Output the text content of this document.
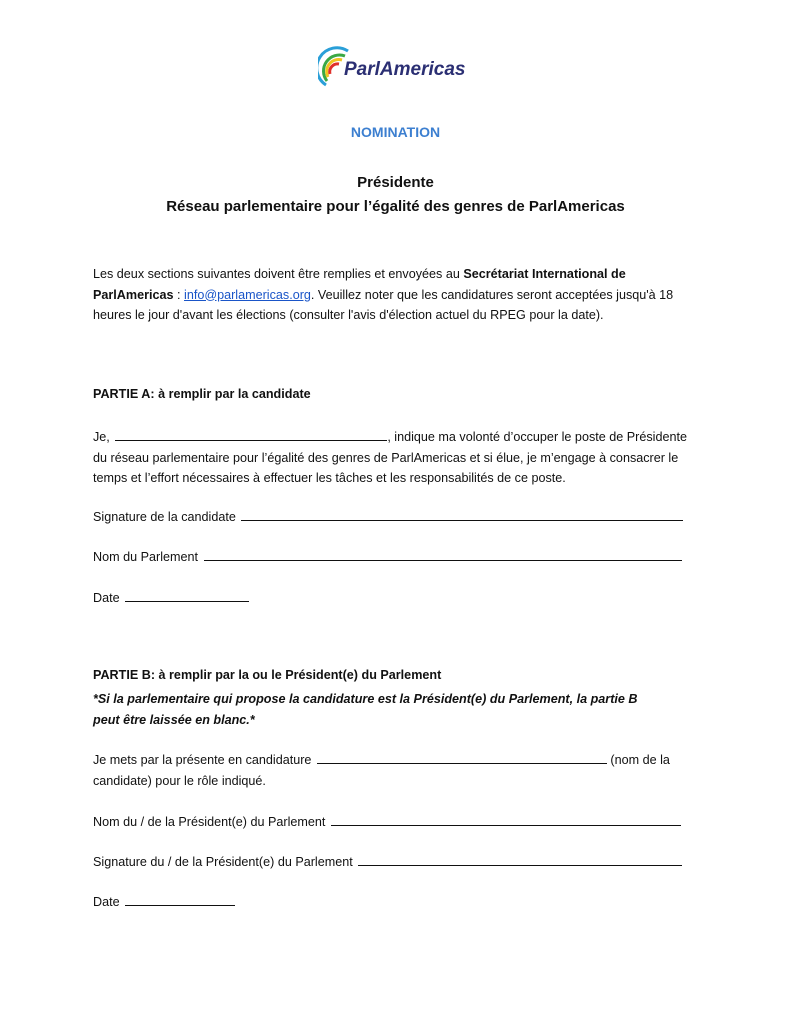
ParlAmericas
NOMINATION
Présidente
Réseau parlementaire pour l’égalité des genres de ParlAmericas
Les deux sections suivantes doivent être remplies et envoyées au Secrétariat International de
ParlAmericas : info@parlamericas.org. Veuillez noter que les candidatures seront acceptées jusqu'à 18
heures le jour d'avant les élections (consulter l'avis d'élection actuel du RPEG pour la date).
PARTIE A: à remplir par la candidate
Je,	, indique ma volonté d’occuper le poste de Présidente
du réseau parlementaire pour l’égalité des genres de ParlAmericas et si élue, je m’engage à consacrer le
temps et l’effort nécessaires à effectuer les tâches et les responsabilités de ce poste.
Signature de la candidate
Nom du Parlement
Date
PARTIE B: à remplir par la ou le Président(e) du Parlement
*Si la parlementaire qui propose la candidature est la Président(e) du Parlement, la partie B
peut être laissée en blanc.*
Je mets par la présente en candidature	(nom de la
candidate) pour le rôle indiqué.
Nom du / de la Président(e) du Parlement
Signature du / de la Président(e) du Parlement
Date
